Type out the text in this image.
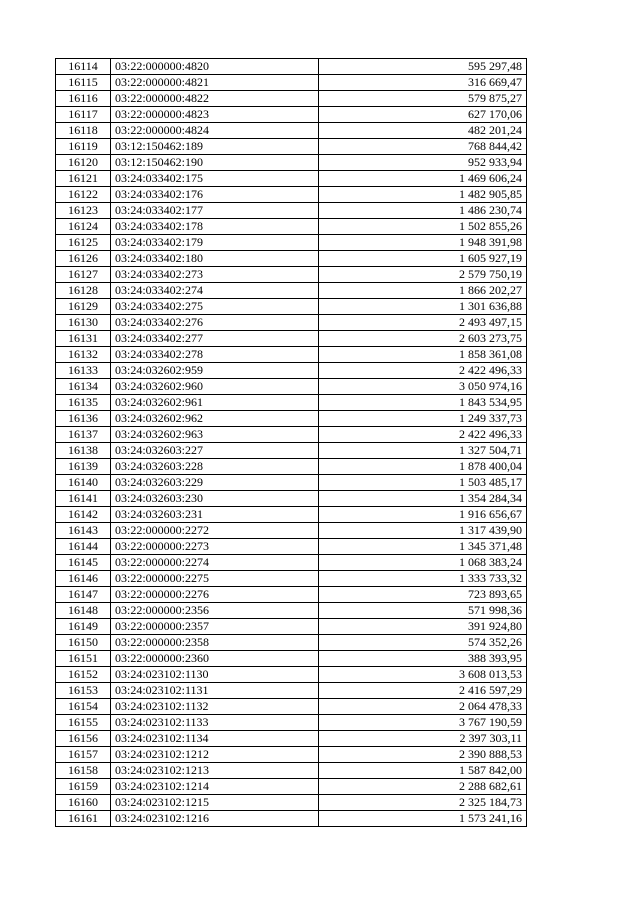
16114	03:22:000000:4820	595 297,48
16115	03:22:000000:4821	316 669,47
16116	03:22:000000:4822	579 875,27
16117	03:22:000000:4823	627 170,06
16118	03:22:000000:4824	482 201,24
16119	03:12:150462:189	768 844,42
16120	03:12:150462:190	952 933,94
16121	03:24:033402:175	1 469 606,24
16122	03:24:033402:176	1 482 905,85
16123	03:24:033402:177	1 486 230,74
16124	03:24:033402:178	1 502 855,26
16125	03:24:033402:179	1 948 391,98
16126	03:24:033402:180	1 605 927,19
16127	03:24:033402:273	2 579 750,19
16128	03:24:033402:274	1 866 202,27
16129	03:24:033402:275	1 301 636,88
16130	03:24:033402:276	2 493 497,15
16131	03:24:033402:277	2 603 273,75
16132	03:24:033402:278	1 858 361,08
16133	03:24:032602:959	2 422 496,33
16134	03:24:032602:960	3 050 974,16
16135	03:24:032602:961	1 843 534,95
16136	03:24:032602:962	1 249 337,73
16137	03:24:032602:963	2 422 496,33
16138	03:24:032603:227	1 327 504,71
16139	03:24:032603:228	1 878 400,04
16140	03:24:032603:229	1 503 485,17
16141	03:24:032603:230	1 354 284,34
16142	03:24:032603:231	1 916 656,67
16143	03:22:000000:2272	1 317 439,90
16144	03:22:000000:2273	1 345 371,48
16145	03:22:000000:2274	1 068 383,24
16146	03:22:000000:2275	1 333 733,32
16147	03:22:000000:2276	723 893,65
16148	03:22:000000:2356	571 998,36
16149	03:22:000000:2357	391 924,80
16150	03:22:000000:2358	574 352,26
16151	03:22:000000:2360	388 393,95
16152	03:24:023102:1130	3 608 013,53
16153	03:24:023102:1131	2 416 597,29
16154	03:24:023102:1132	2 064 478,33
16155	03:24:023102:1133	3 767 190,59
16156	03:24:023102:1134	2 397 303,11
16157	03:24:023102:1212	2 390 888,53
16158	03:24:023102:1213	1 587 842,00
16159	03:24:023102:1214	2 288 682,61
16160	03:24:023102:1215	2 325 184,73
16161	03:24:023102:1216	1 573 241,16
